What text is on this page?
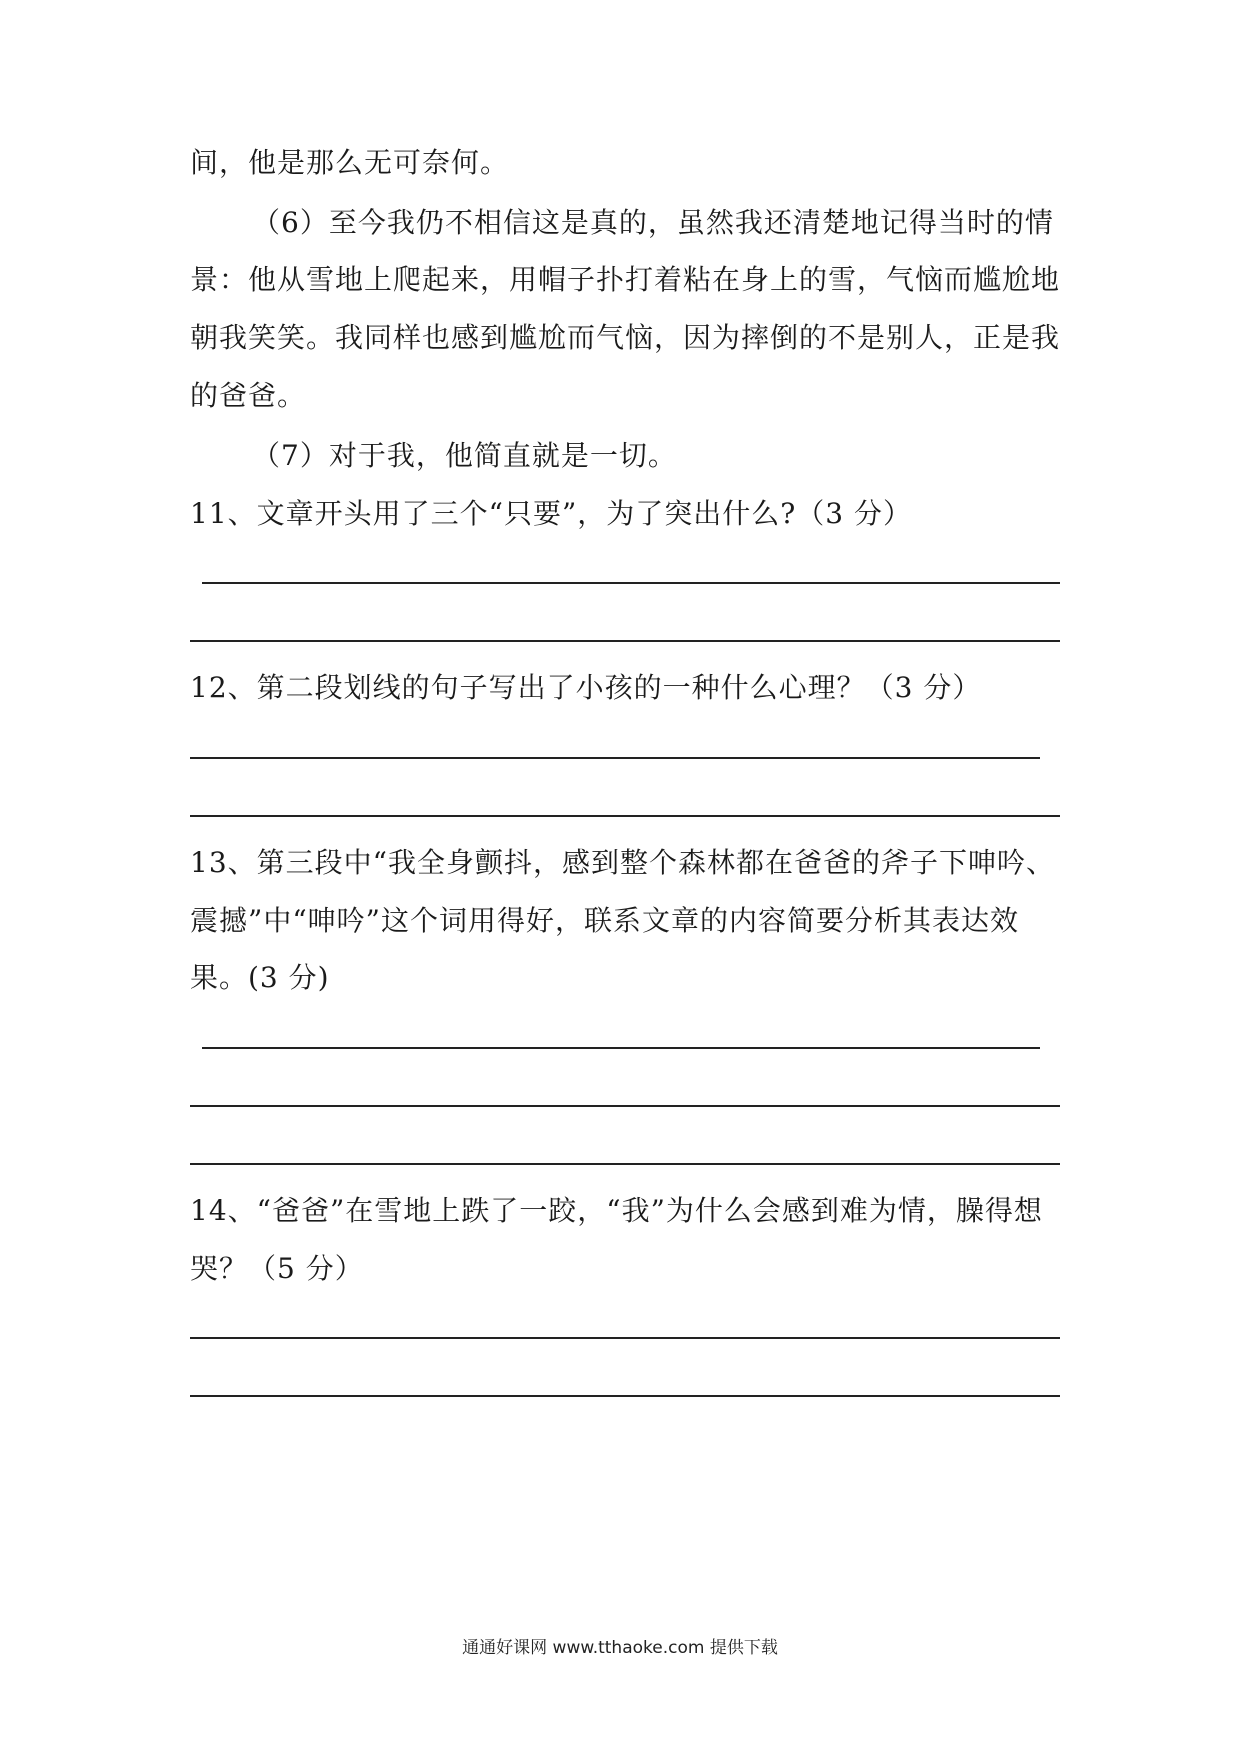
间，他是那么无可奈何。
（6）至今我仍不相信这是真的，虽然我还清楚地记得当时的情
景：他从雪地上爬起来，用帽子扑打着粘在身上的雪，气恼而尴尬地
朝我笑笑。我同样也感到尴尬而气恼，因为摔倒的不是别人，正是我
的爸爸。
（7）对于我，他简直就是一切。
11、文章开头用了三个“只要”，为了突出什么?（3 分）
12、第二段划线的句子写出了小孩的一种什么心理？（3 分）
13、第三段中“我全身颤抖，感到整个森林都在爸爸的斧子下呻吟、
震撼”中“呻吟”这个词用得好，联系文章的内容简要分析其表达效
果。(3 分)
14、“爸爸”在雪地上跌了一跤，“我”为什么会感到难为情，臊得想
哭？（5 分）
通通好课网 www.tthaoke.com 提供下载
